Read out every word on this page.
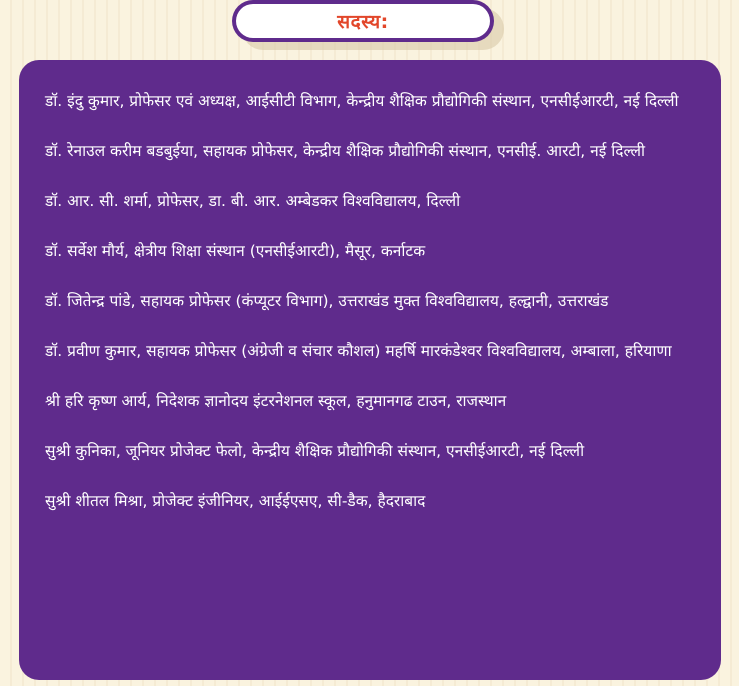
डॉ. इंदु कुमार, प्रोफेसर एवं अध्यक्ष, आईसीटी विभाग, केन्द्रीय शैक्षिक प्रौद्योगिकी संस्थान, एनसीईआरटी, नई दिल्ली

डॉ. रेनाउल करीम बडबुईया, सहायक प्रोफेसर, केन्द्रीय शैक्षिक प्रौद्योगिकी संस्थान, एनसीई. आरटी, नई दिल्ली

डॉ. आर. सी. शर्मा, प्रोफेसर, डा. बी. आर. अम्बेडकर विश्वविद्यालय, दिल्ली

डॉ. सर्वेश मौर्य, क्षेत्रीय शिक्षा संस्थान (एनसीईआरटी), मैसूर, कर्नाटक

डॉ. जितेन्द्र पांडे, सहायक प्रोफेसर (कंप्यूटर विभाग), उत्तराखंड मुक्त विश्वविद्यालय, हल्द्वानी, उत्तराखंड

डॉ. प्रवीण कुमार, सहायक प्रोफेसर (अंग्रेजी व संचार कौशल) महर्षि मारकंडेश्वर विश्वविद्यालय, अम्बाला, हरियाणा

श्री हरि कृष्ण आर्य, निदेशक ज्ञानोदय इंटरनेशनल स्कूल, हनुमानगढ टाउन, राजस्थान

सुश्री कुनिका, जूनियर प्रोजेक्ट फेलो, केन्द्रीय शैक्षिक प्रौद्योगिकी संस्थान, एनसीईआरटी, नई दिल्ली

सुश्री शीतल मिश्रा, प्रोजेक्ट इंजीनियर, आईईएसए, सी-डैक, हैदराबाद

सदस्य:
